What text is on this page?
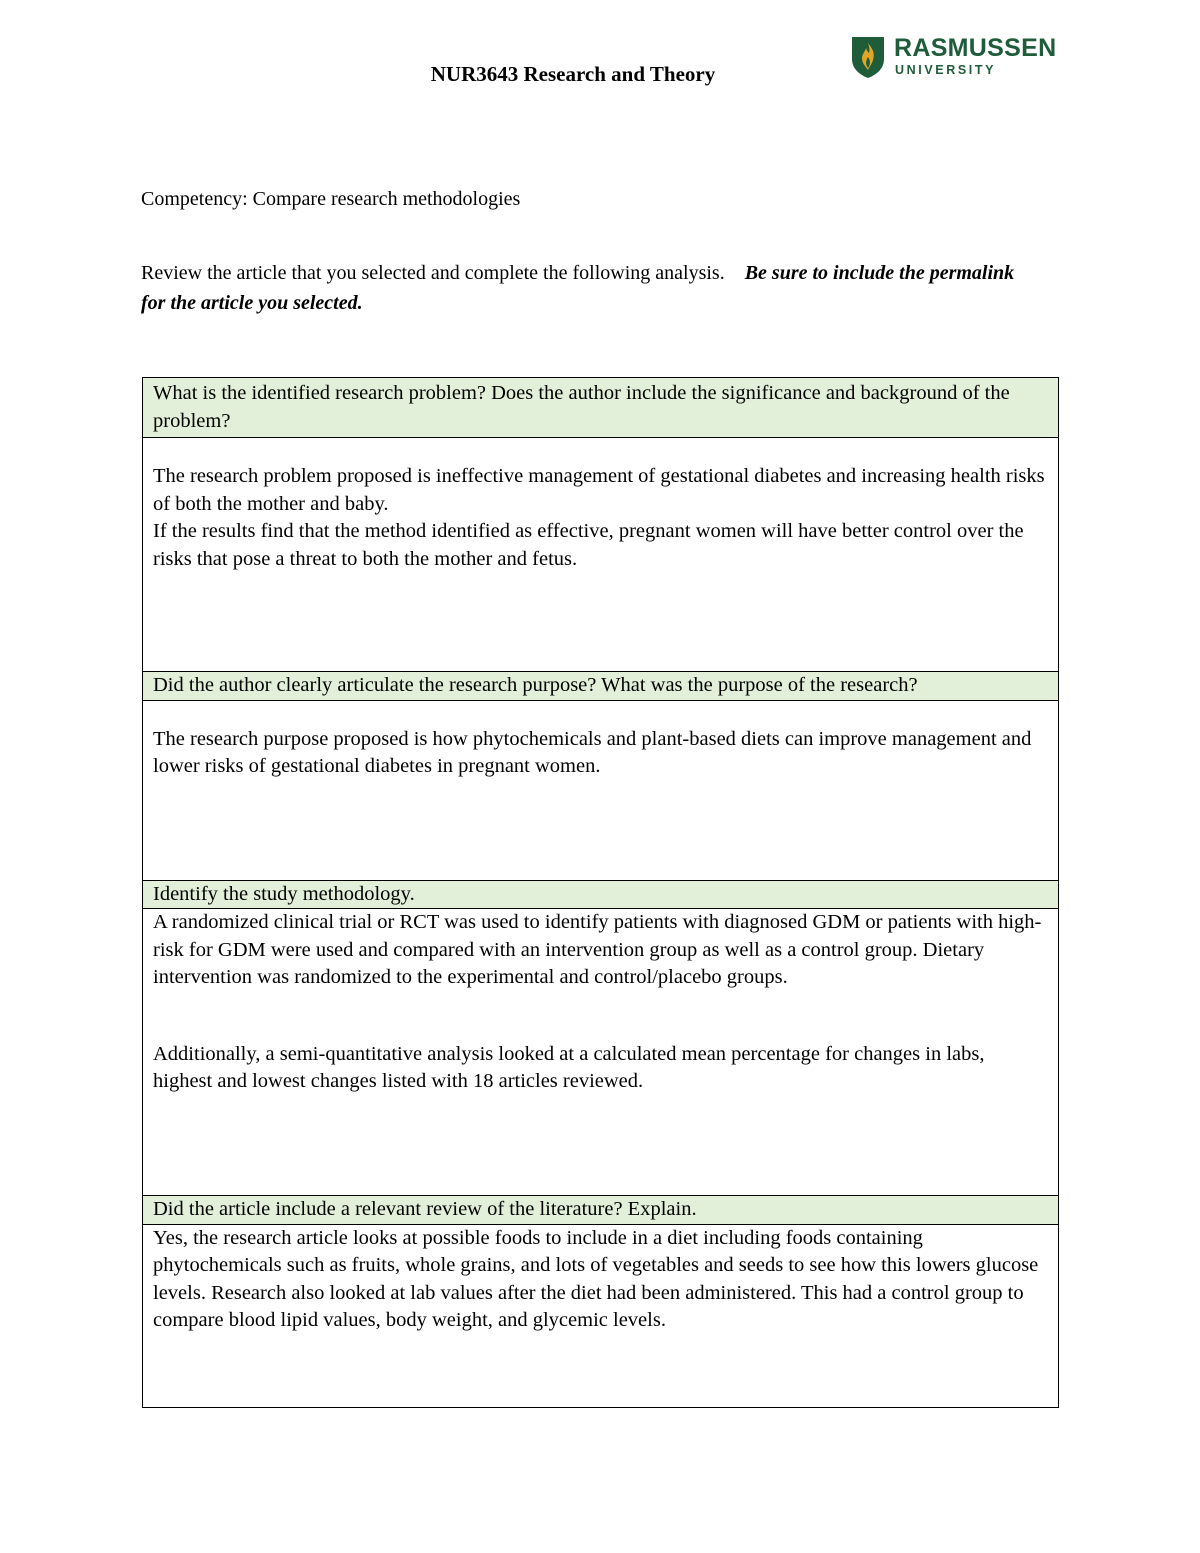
NUR3643 Research and Theory
RASMUSSEN
UNIVERSITY
Competency: Compare research methodologies
Review the article that you selected and complete the following analysis. Be sure to include the permalink for the article you selected.
What is the identified research problem? Does the author include the significance and background of the problem?

The research problem proposed is ineffective management of gestational diabetes and increasing health risks of both the mother and baby.
If the results find that the method identified as effective, pregnant women will have better control over the risks that pose a threat to both the mother and fetus.

Did the author clearly articulate the research purpose? What was the purpose of the research?

The research purpose proposed is how phytochemicals and plant-based diets can improve management and lower risks of gestational diabetes in pregnant women.

Identify the study methodology.

A randomized clinical trial or RCT was used to identify patients with diagnosed GDM or patients with high-risk for GDM were used and compared with an intervention group as well as a control group. Dietary intervention was randomized to the experimental and control/placebo groups.
Additionally, a semi-quantitative analysis looked at a calculated mean percentage for changes in labs, highest and lowest changes listed with 18 articles reviewed.

Did the article include a relevant review of the literature? Explain.

Yes, the research article looks at possible foods to include in a diet including foods containing phytochemicals such as fruits, whole grains, and lots of vegetables and seeds to see how this lowers glucose levels. Research also looked at lab values after the diet had been administered. This had a control group to compare blood lipid values, body weight, and glycemic levels.
